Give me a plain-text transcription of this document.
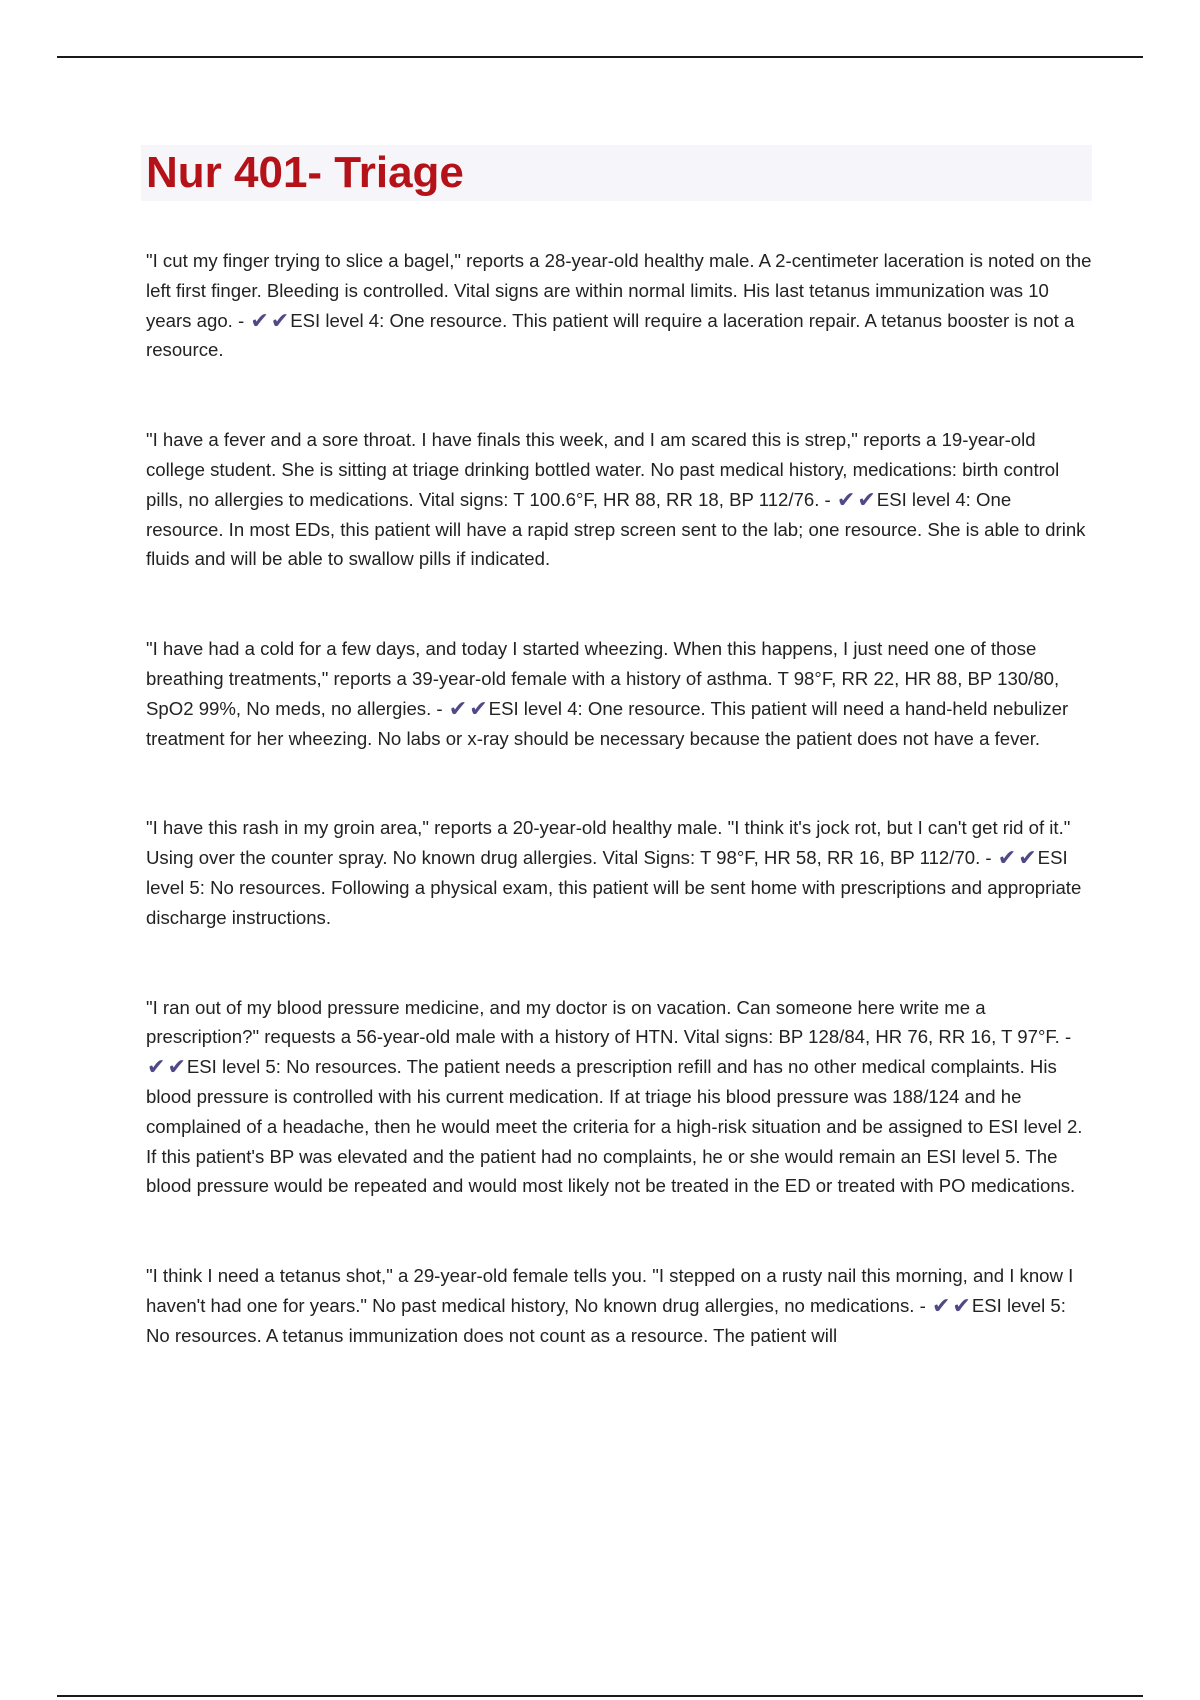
Nur 401- Triage

"I cut my finger trying to slice a bagel," reports a 28-year-old healthy male. A 2-centimeter laceration is noted on the left first finger. Bleeding is controlled. Vital signs are within normal limits. His last tetanus immunization was 10 years ago. - ✔✔ESI level 4: One resource. This patient will require a laceration repair. A tetanus booster is not a resource.

"I have a fever and a sore throat. I have finals this week, and I am scared this is strep," reports a 19-year-old college student. She is sitting at triage drinking bottled water. No past medical history, medications: birth control pills, no allergies to medications. Vital signs: T 100.6°F, HR 88, RR 18, BP 112/76. - ✔✔ESI level 4: One resource. In most EDs, this patient will have a rapid strep screen sent to the lab; one resource. She is able to drink fluids and will be able to swallow pills if indicated.

"I have had a cold for a few days, and today I started wheezing. When this happens, I just need one of those breathing treatments," reports a 39-year-old female with a history of asthma. T 98°F, RR 22, HR 88, BP 130/80, SpO2 99%, No meds, no allergies. - ✔✔ESI level 4: One resource. This patient will need a hand-held nebulizer treatment for her wheezing. No labs or x-ray should be necessary because the patient does not have a fever.

"I have this rash in my groin area," reports a 20-year-old healthy male. "I think it's jock rot, but I can't get rid of it." Using over the counter spray. No known drug allergies. Vital Signs: T 98°F, HR 58, RR 16, BP 112/70. - ✔✔ESI level 5: No resources. Following a physical exam, this patient will be sent home with prescriptions and appropriate discharge instructions.

"I ran out of my blood pressure medicine, and my doctor is on vacation. Can someone here write me a prescription?" requests a 56-year-old male with a history of HTN. Vital signs: BP 128/84, HR 76, RR 16, T 97°F. - ✔✔ESI level 5: No resources. The patient needs a prescription refill and has no other medical complaints. His blood pressure is controlled with his current medication. If at triage his blood pressure was 188/124 and he complained of a headache, then he would meet the criteria for a high-risk situation and be assigned to ESI level 2. If this patient's BP was elevated and the patient had no complaints, he or she would remain an ESI level 5. The blood pressure would be repeated and would most likely not be treated in the ED or treated with PO medications.

"I think I need a tetanus shot," a 29-year-old female tells you. "I stepped on a rusty nail this morning, and I know I haven't had one for years." No past medical history, No known drug allergies, no medications. - ✔✔ESI level 5: No resources. A tetanus immunization does not count as a resource. The patient will
